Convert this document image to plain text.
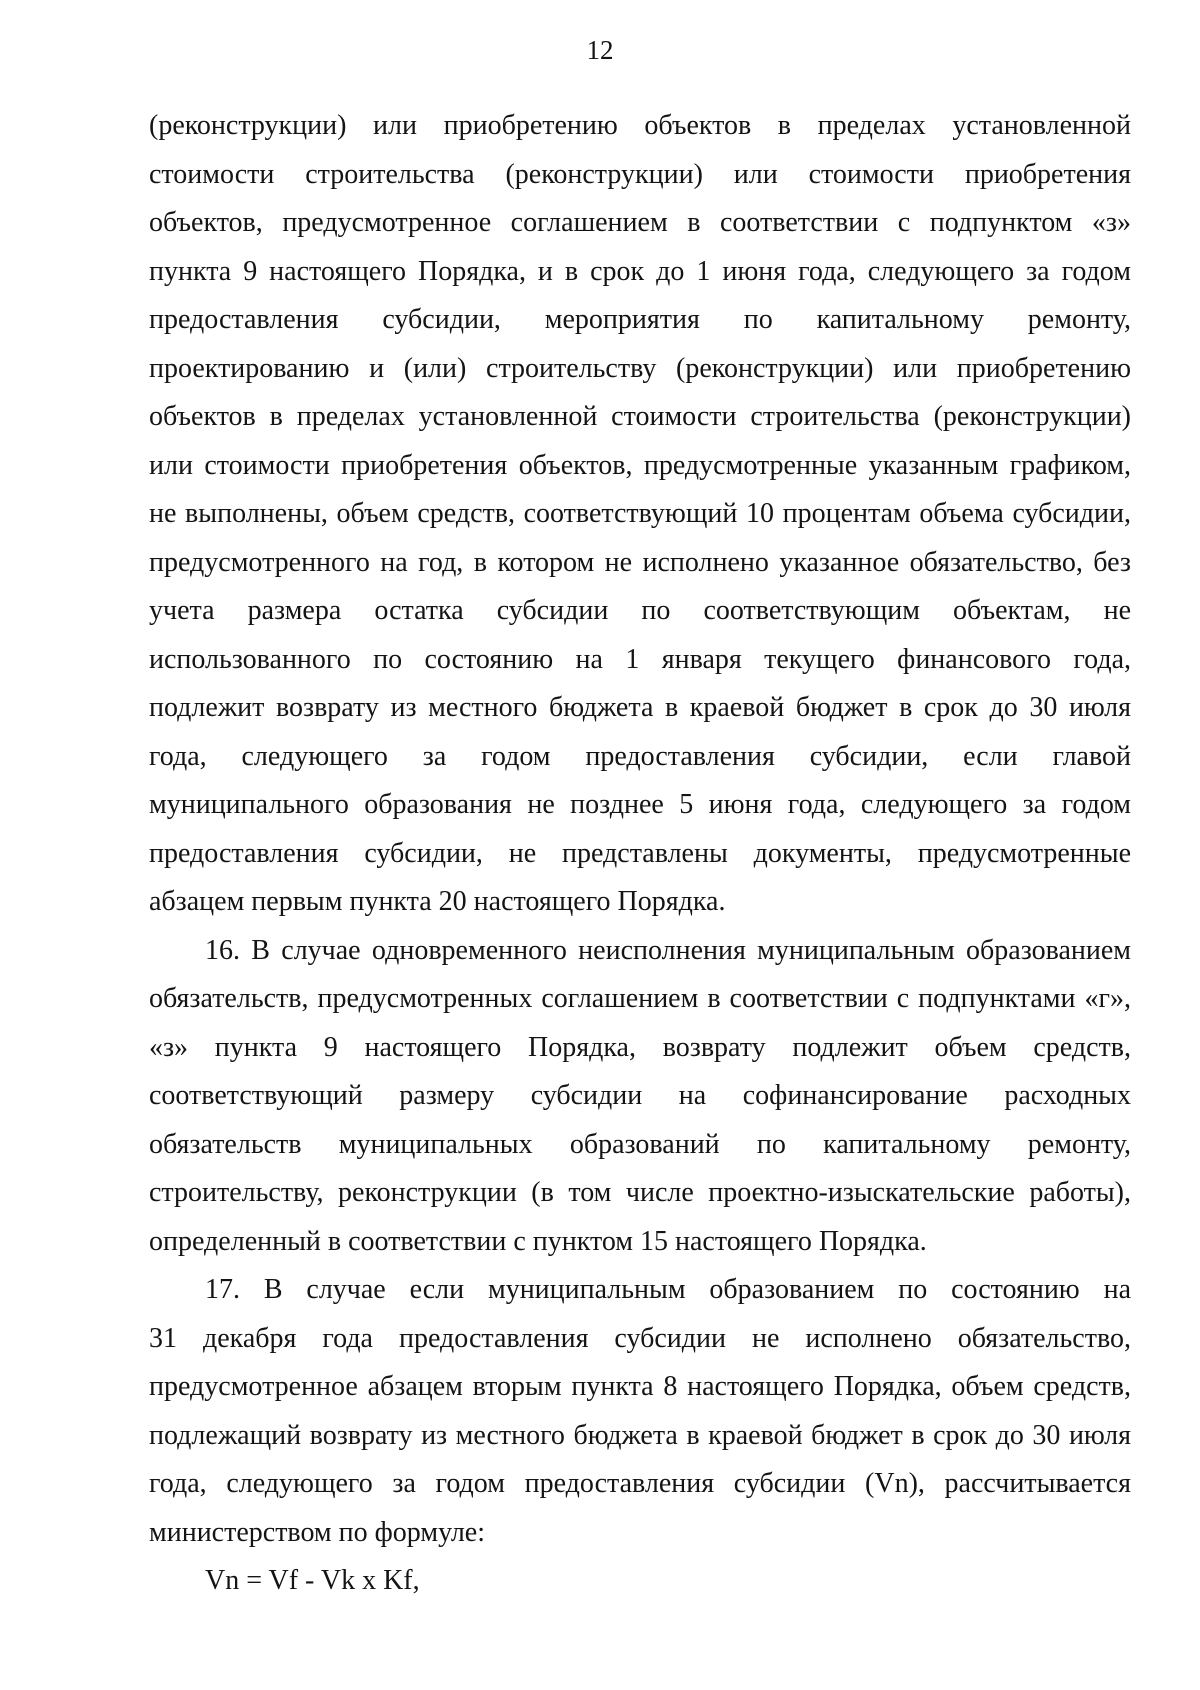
12
(реконструкции) или приобретению объектов в пределах установленной
стоимости строительства (реконструкции) или стоимости приобретения
объектов, предусмотренное соглашением в соответствии с подпунктом «з»
пункта 9 настоящего Порядка, и в срок до 1 июня года, следующего за годом
предоставления субсидии, мероприятия по капитальному ремонту,
проектированию и (или) строительству (реконструкции) или приобретению
объектов в пределах установленной стоимости строительства (реконструкции)
или стоимости приобретения объектов, предусмотренные указанным графиком,
не выполнены, объем средств, соответствующий 10 процентам объема субсидии,
предусмотренного на год, в котором не исполнено указанное обязательство, без
учета размера остатка субсидии по соответствующим объектам, не
использованного по состоянию на 1 января текущего финансового года,
подлежит возврату из местного бюджета в краевой бюджет в срок до 30 июля
года, следующего за годом предоставления субсидии, если главой
муниципального образования не позднее 5 июня года, следующего за годом
предоставления субсидии, не представлены документы, предусмотренные
абзацем первым пункта 20 настоящего Порядка.
16. В случае одновременного неисполнения муниципальным образованием
обязательств, предусмотренных соглашением в соответствии с подпунктами «г»,
«з» пункта 9 настоящего Порядка, возврату подлежит объем средств,
соответствующий размеру субсидии на софинансирование расходных
обязательств муниципальных образований по капитальному ремонту,
строительству, реконструкции (в том числе проектно-изыскательские работы),
определенный в соответствии с пунктом 15 настоящего Порядка.
17. В случае если муниципальным образованием по состоянию на
31 декабря года предоставления субсидии не исполнено обязательство,
предусмотренное абзацем вторым пункта 8 настоящего Порядка, объем средств,
подлежащий возврату из местного бюджета в краевой бюджет в срок до 30 июля
года, следующего за годом предоставления субсидии (Vn), рассчитывается
министерством по формуле:
Vn = Vf - Vk x Kf,
